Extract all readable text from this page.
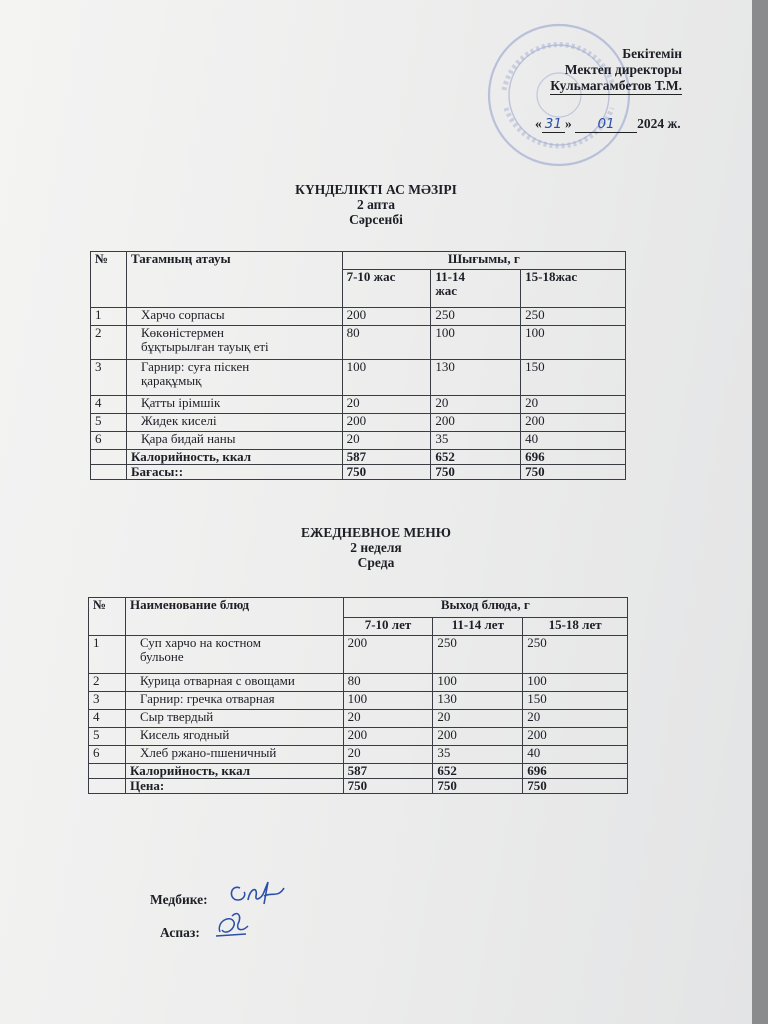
Бекітемін
Мектеп директоры
Кульмагамбетов Т.М.
« 31 » 01 2024 ж.
КҮНДЕЛІКТІ АС МӘЗІРІ
2 апта
Сәрсенбі
№	Тағамның атауы	Шығымы, г		
		7-10 жас	11-14
жас	15-18жас
1	Харчо сорпасы	200	250	250
2	Көкөністермен
бұқтырылған тауық еті	80	100	100
3	Гарнир: суға піскен
қарақұмық	100	130	150
4	Қатты ірімшік	20	20	20
5	Жидек киселі	200	200	200
6	Қара бидай наны	20	35	40
	Калорийность, ккал	587	652	696
	Бағасы::	750	750	750
ЕЖЕДНЕВНОЕ МЕНЮ
2 неделя
Среда
№	Наименование блюд	Выход блюда, г		
		7-10 лет	11-14 лет	15-18 лет
1	Суп харчо на костном
бульоне	200	250	250
2	Курица отварная с овощами	80	100	100
3	Гарнир: гречка отварная	100	130	150
4	Сыр твердый	20	20	20
5	Кисель ягодный	200	200	200
6	Хлеб ржано-пшеничный	20	35	40
	Калорийность, ккал	587	652	696
	Цена:	750	750	750
Медбике:
Аспаз:
